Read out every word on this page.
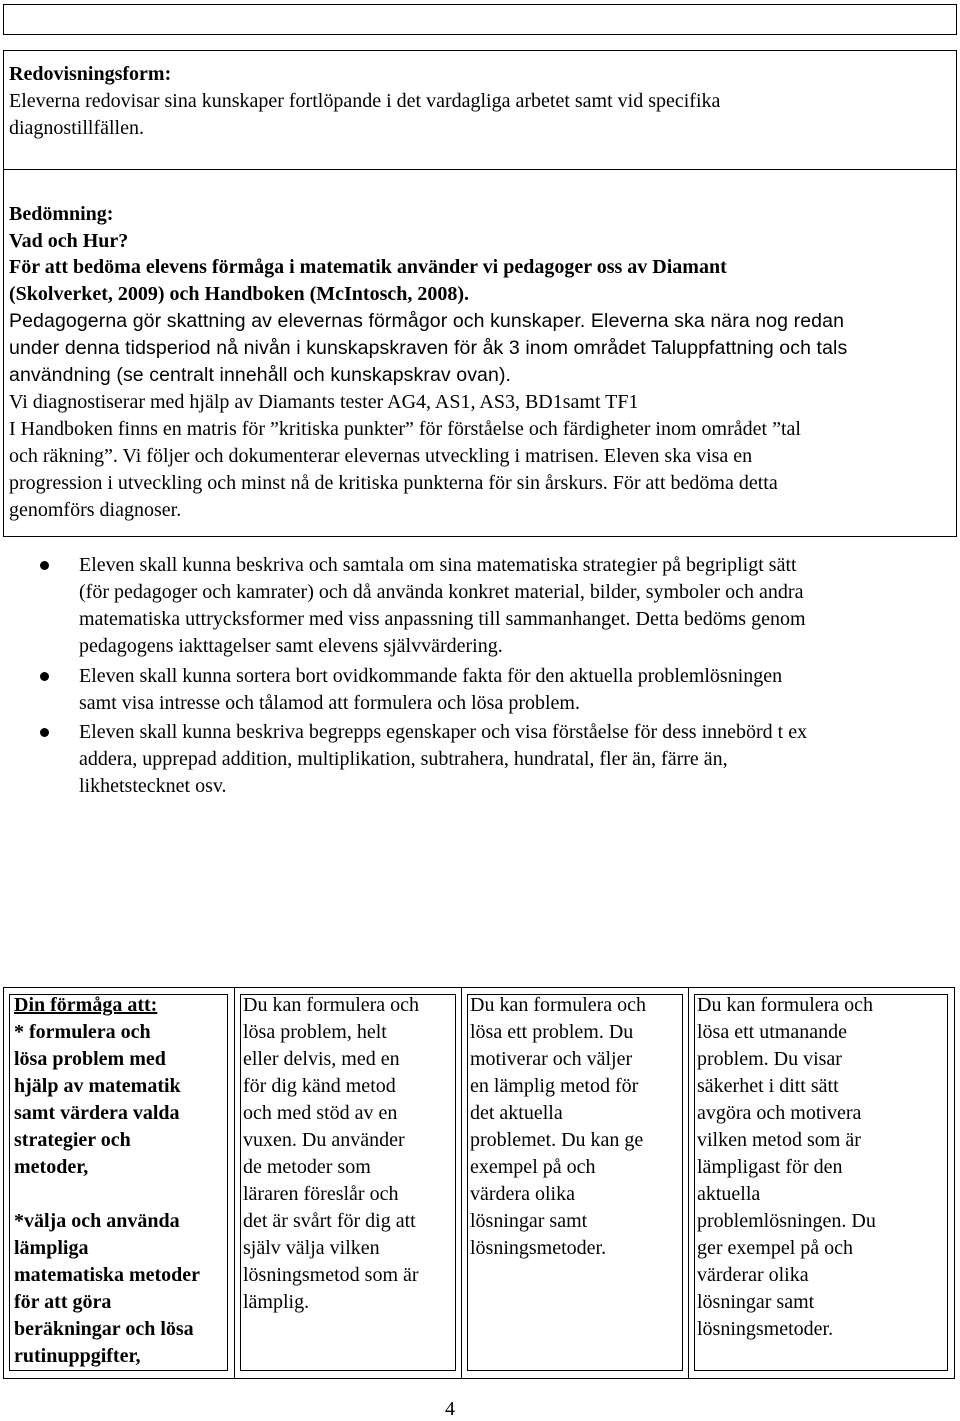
Redovisningsform:
Eleverna redovisar sina kunskaper fortlöpande i det vardagliga arbetet samt vid specifika
diagnostillfällen.
Bedömning:
Vad och Hur?
För att bedöma elevens förmåga i matematik använder vi pedagoger oss av Diamant
(Skolverket, 2009) och Handboken (McIntosch, 2008).
Pedagogerna gör skattning av elevernas förmågor och kunskaper. Eleverna ska nära nog redan
under denna tidsperiod nå nivån i kunskapskraven för åk 3 inom området Taluppfattning och tals
användning (se centralt innehåll och kunskapskrav ovan).
Vi diagnostiserar med hjälp av Diamants tester AG4, AS1, AS3, BD1samt TF1
I Handboken finns en matris för ”kritiska punkter” för förståelse och färdigheter inom området ”tal
och räkning”. Vi följer och dokumenterar elevernas utveckling i matrisen. Eleven ska visa en
progression i utveckling och minst nå de kritiska punkterna för sin årskurs. För att bedöma detta
genomförs diagnoser.
Eleven skall kunna beskriva och samtala om sina matematiska strategier på begripligt sätt
(för pedagoger och kamrater) och då använda konkret material, bilder, symboler och andra
matematiska uttrycksformer med viss anpassning till sammanhanget. Detta bedöms genom
pedagogens iakttagelser samt elevens självvärdering.
Eleven skall kunna sortera bort ovidkommande fakta för den aktuella problemlösningen
samt visa intresse och tålamod att formulera och lösa problem.
Eleven skall kunna beskriva begrepps egenskaper och visa förståelse för dess innebörd t ex
addera, upprepad addition, multiplikation, subtrahera, hundratal, fler än, färre än,
likhetstecknet osv.
Din förmåga att:
* formulera och
lösa problem med
hjälp av matematik
samt värdera valda
strategier och
metoder,
*välja och använda
lämpliga
matematiska metoder
för att göra
beräkningar och lösa
rutinuppgifter,
Du kan formulera och
lösa problem, helt
eller delvis, med en
för dig känd metod
och med stöd av en
vuxen. Du använder
de metoder som
läraren föreslår och
det är svårt för dig att
själv välja vilken
lösningsmetod som är
lämplig.
Du kan formulera och
lösa ett problem. Du
motiverar och väljer
en lämplig metod för
det aktuella
problemet. Du kan ge
exempel på och
värdera olika
lösningar samt
lösningsmetoder.
Du kan formulera och
lösa ett utmanande
problem. Du visar
säkerhet i ditt sätt
avgöra och motivera
vilken metod som är
lämpligast för den
aktuella
problemlösningen. Du
ger exempel på och
värderar olika
lösningar samt
lösningsmetoder.
4
